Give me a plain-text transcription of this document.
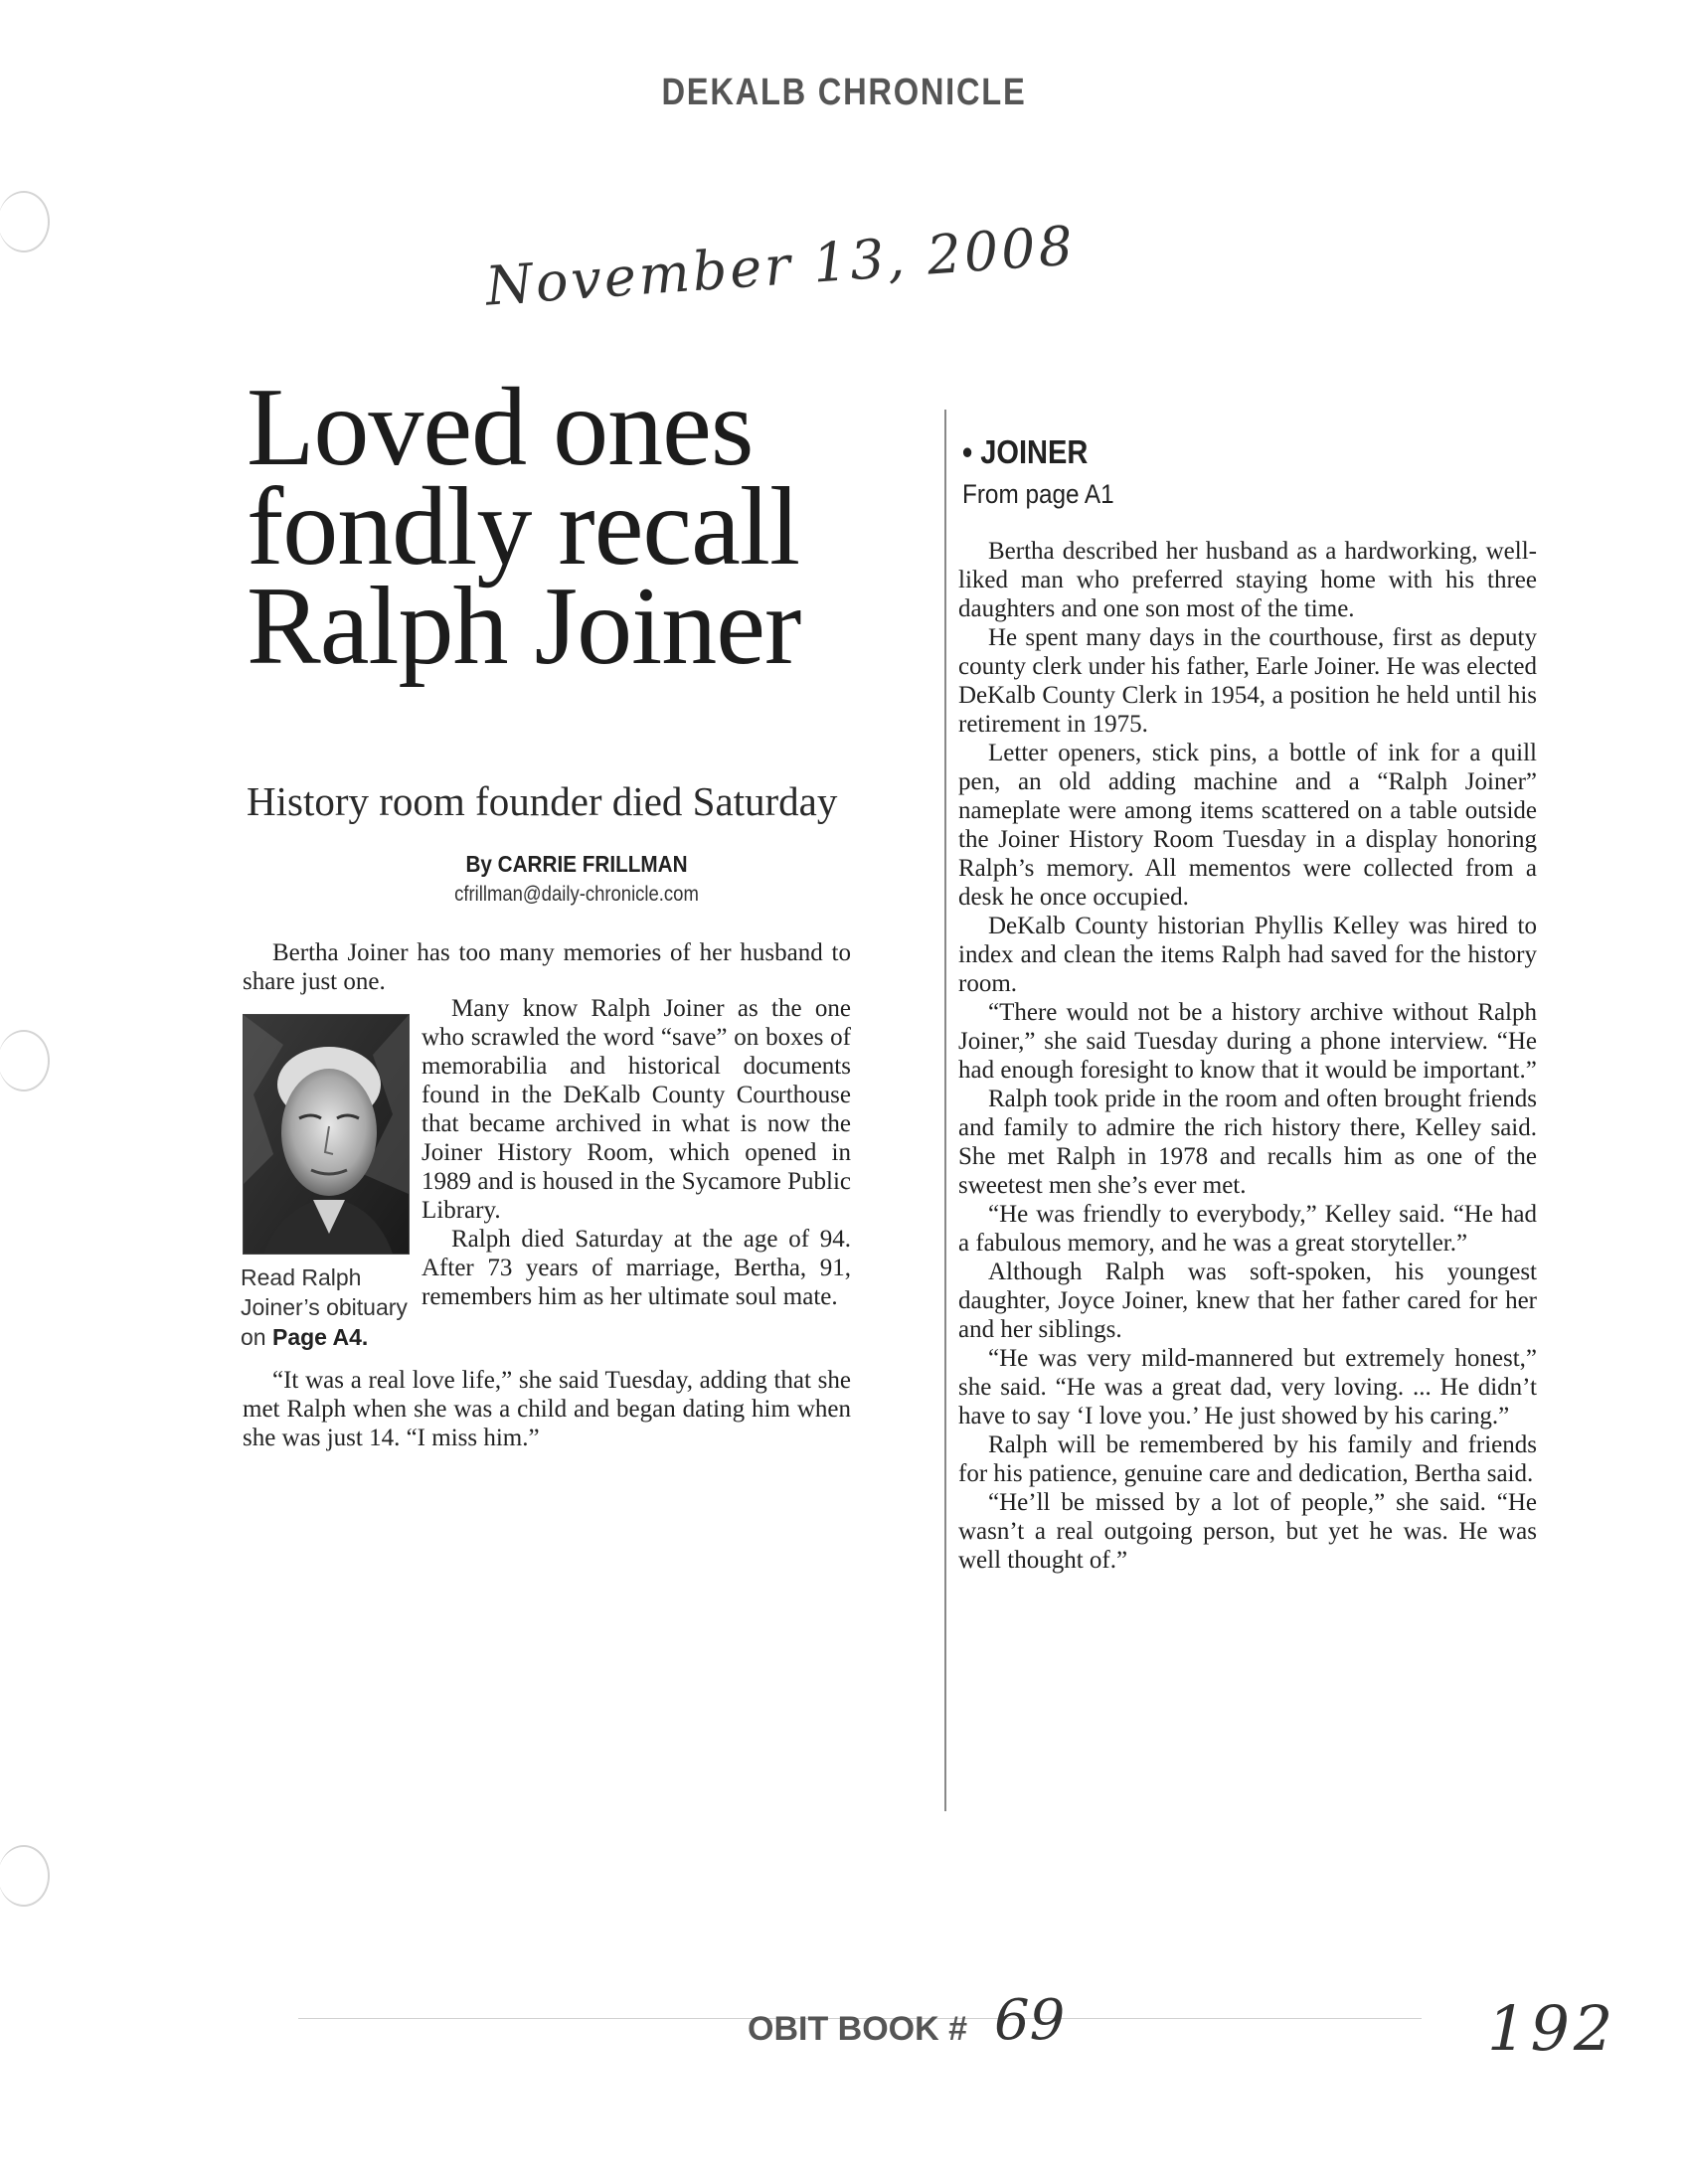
DEKALB CHRONICLE
November 13, 2008
Loved ones
fondly recall
Ralph Joiner
History room founder died Saturday
By CARRIE FRILLMAN
cfrillman@daily-chronicle.com

Bertha Joiner has too many memories of her husband to share just one.

Many know Ralph Joiner as the one who scrawled the word “save” on boxes of memorabilia and historical documents found in the DeKalb County Courthouse that became archived in what is now the Joiner History Room, which opened in 1989 and is housed in the Sycamore Public Library.

Ralph died Saturday at the age of 94. After 73 years of marriage, Bertha, 91, remembers him as her ultimate soul mate.

Read Ralph Joiner’s obituary on Page A4.

“It was a real love life,” she said Tuesday, adding that she met Ralph when she was a child and began dating him when she was just 14. “I miss him.”

• JOINER
From page A1

Bertha described her husband as a hardworking, well-liked man who preferred staying home with his three daughters and one son most of the time.

He spent many days in the courthouse, first as deputy county clerk under his father, Earle Joiner. He was elected DeKalb County Clerk in 1954, a position he held until his retirement in 1975.

Letter openers, stick pins, a bottle of ink for a quill pen, an old adding machine and a “Ralph Joiner” nameplate were among items scattered on a table outside the Joiner History Room Tuesday in a display honoring Ralph’s memory. All mementos were collected from a desk he once occupied.

DeKalb County historian Phyllis Kelley was hired to index and clean the items Ralph had saved for the history room.

“There would not be a history archive without Ralph Joiner,” she said Tuesday during a phone interview. “He had enough foresight to know that it would be important.”

Ralph took pride in the room and often brought friends and family to admire the rich history there, Kelley said. She met Ralph in 1978 and recalls him as one of the sweetest men she’s ever met.

“He was friendly to everybody,” Kelley said. “He had a fabulous memory, and he was a great storyteller.”

Although Ralph was soft-spoken, his youngest daughter, Joyce Joiner, knew that her father cared for her and her siblings.

“He was very mild-mannered but extremely honest,” she said. “He was a great dad, very loving. ... He didn’t have to say ‘I love you.’ He just showed by his caring.”

Ralph will be remembered by his family and friends for his patience, genuine care and dedication, Bertha said.

“He’ll be missed by a lot of people,” she said. “He wasn’t a real outgoing person, but yet he was. He was well thought of.”

OBIT BOOK # 69	192
